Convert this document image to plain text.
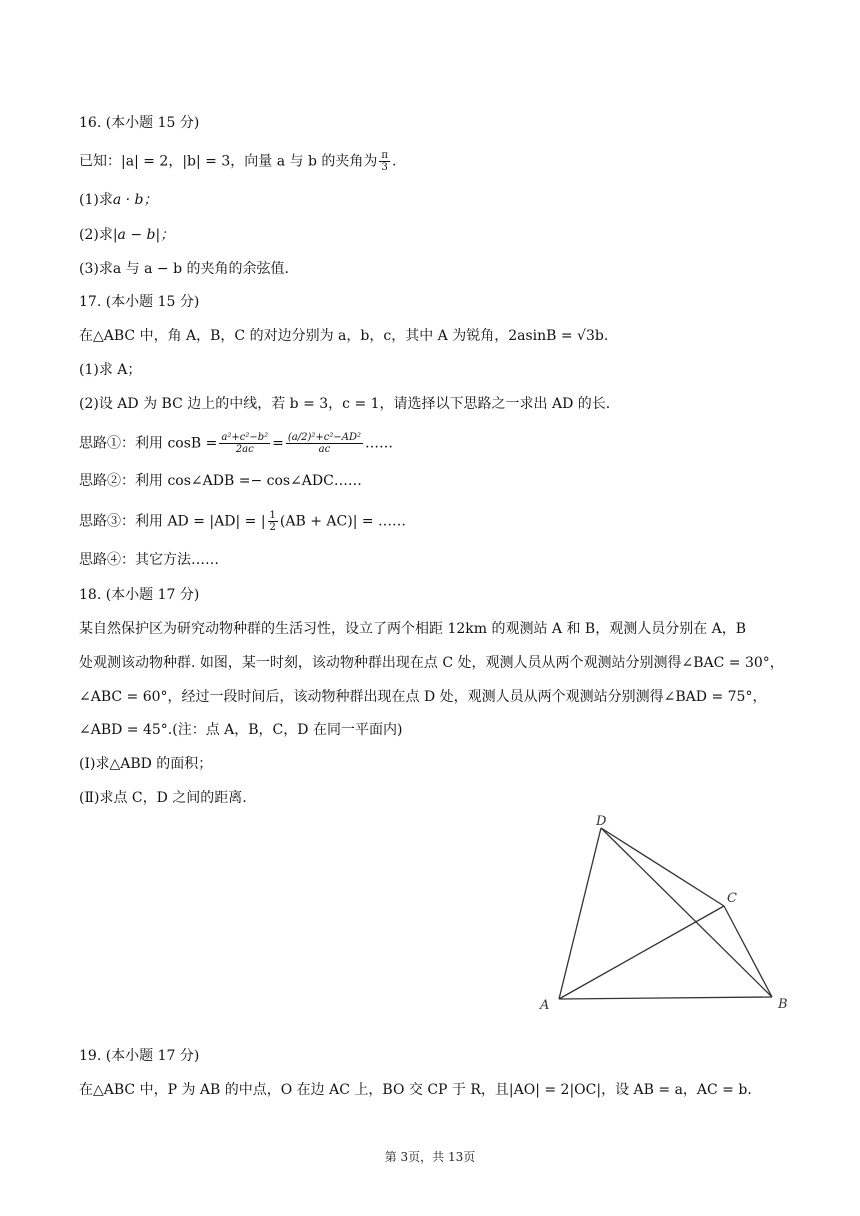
16. (本小题 15 分)
已知：|a| = 2，|b| = 3，向量 a 与 b 的夹角为 $\frac{\pi}{3}$ .
(1)求a · b；
(2)求|a − b|；
(3)求a 与 a − b 的夹角的余弦值.
17. (本小题 15 分)
在△ABC 中，角 A，B，C 的对边分别为 a，b，c，其中 A 为锐角，2asinB = √3b.
(1)求 A；
(2)设 AD 为 BC 边上的中线，若 b = 3，c = 1，请选择以下思路之一求出 AD 的长.
思路①：利用 $\cos B = \frac{\text{a²+c²−b²}}{2ac} = \frac{\text{(a/2)²+c²−AD²}}{ac}$ ……
思路②：利用 cos∠ADB =− cos∠ADC……
思路③：利用 AD = |AD| = | $\frac{1}{2} (AB + AC)|$ = ……
思路④：其它方法……
18. (本小题 17 分)
某自然保护区为研究动物种群的生活习性，设立了两个相距 12km 的观测站 A 和 B，观测人员分别在 A，B
处观测该动物种群. 如图，某一时刻，该动物种群出现在点 C 处，观测人员从两个观测站分别测得∠BAC = 30°，
∠ABC = 60°，经过一段时间后，该动物种群出现在点 D 处，观测人员从两个观测站分别测得∠BAD = 75°，
∠ABD = 45°.(注：点 A，B，C，D 在同一平面内)
(Ⅰ)求△ABD 的面积；
(Ⅱ)求点 C，D 之间的距离.
A	B
C
D
19. (本小题 17 分)
在△ABC 中，P 为 AB 的中点，O 在边 AC 上，BO 交 CP 于 R，且|AO| = 2|OC|，设 AB = a，AC = b.
第 3页，共 13页
